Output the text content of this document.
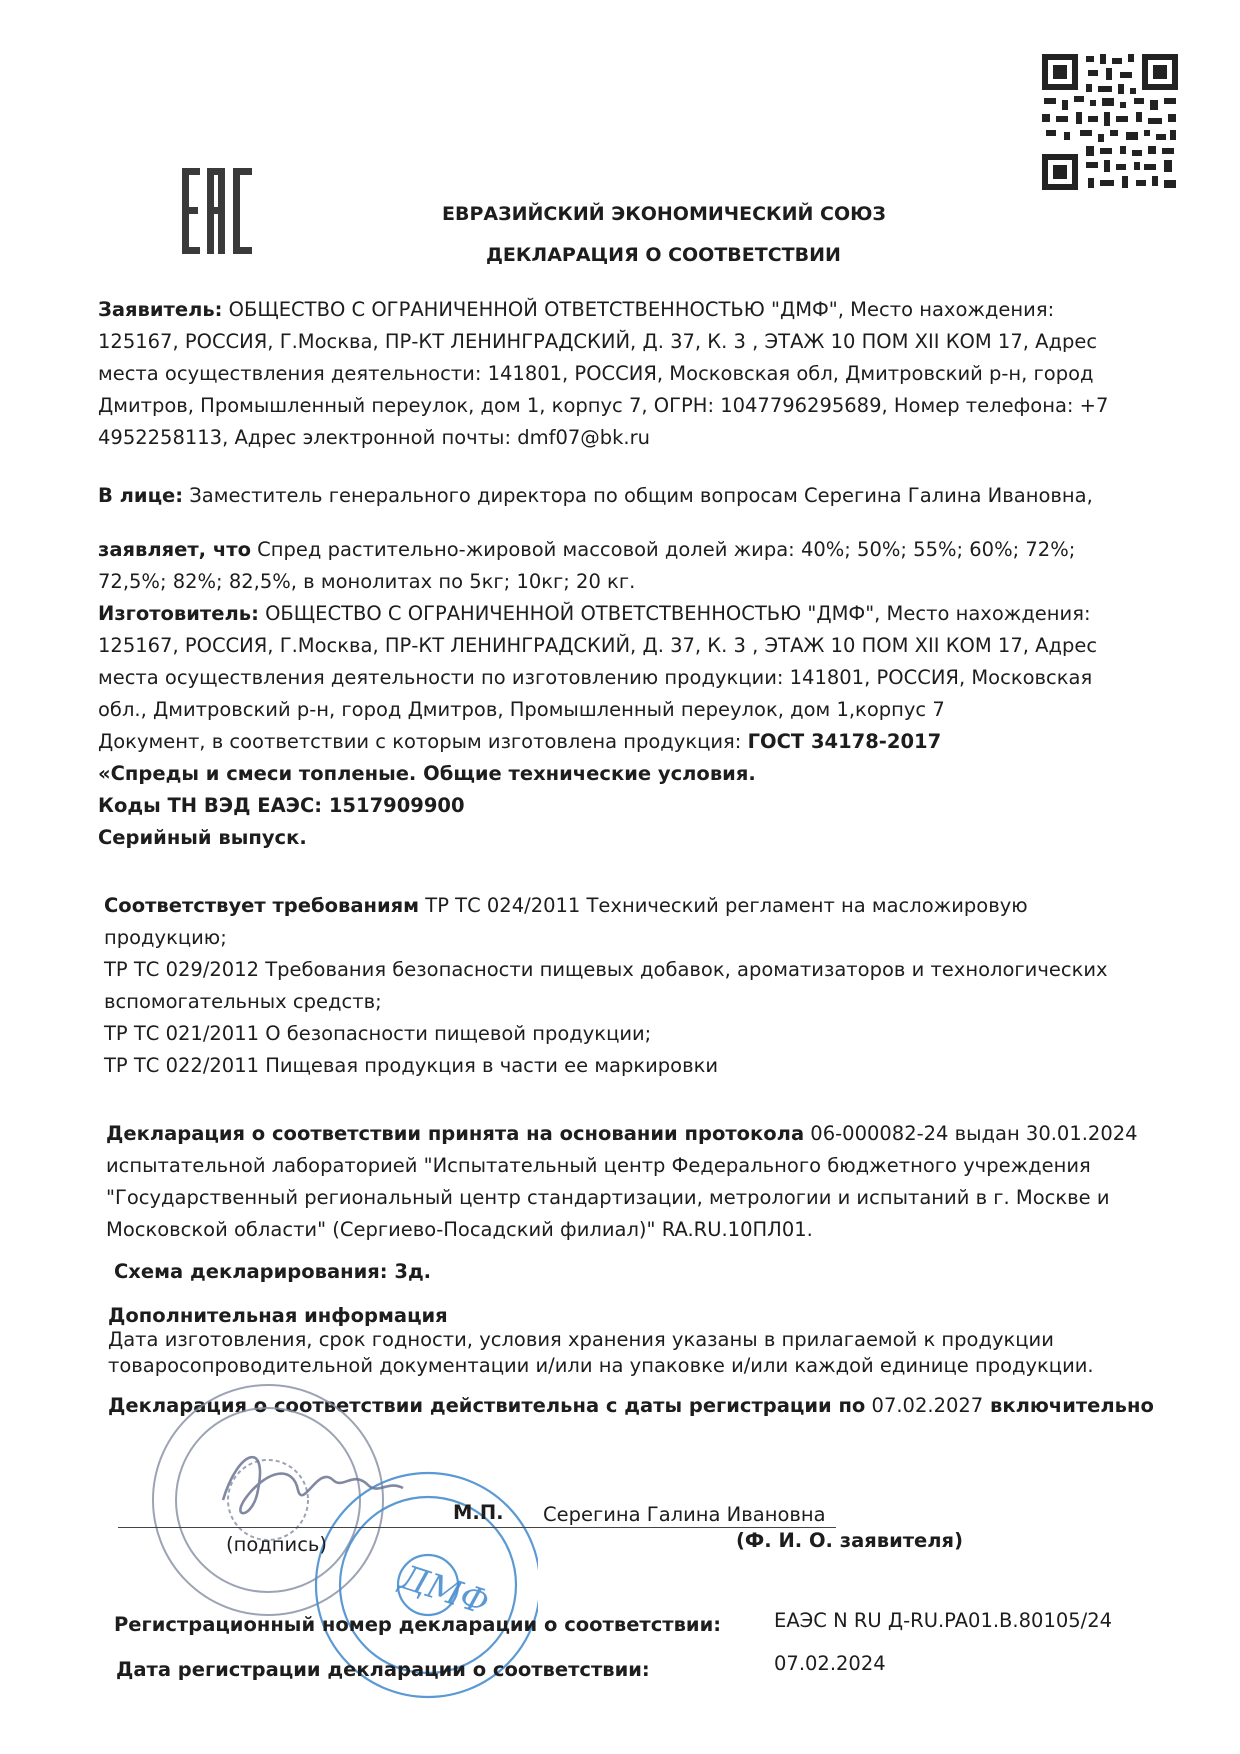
ЕВРАЗИЙСКИЙ ЭКОНОМИЧЕСКИЙ СОЮЗ
ДЕКЛАРАЦИЯ О СООТВЕТСТВИИ
Заявитель: ОБЩЕСТВО С ОГРАНИЧЕННОЙ ОТВЕТСТВЕННОСТЬЮ "ДМФ", Место нахождения:
125167, РОССИЯ, Г.Москва, ПР-КТ ЛЕНИНГРАДСКИЙ, Д. 37, К. 3 , ЭТАЖ 10 ПОМ XII КОМ 17, Адрес
места осуществления деятельности: 141801, РОССИЯ, Московская обл, Дмитровский р-н, город
Дмитров, Промышленный переулок, дом 1, корпус 7, ОГРН: 1047796295689, Номер телефона: +7
4952258113, Адрес электронной почты: dmf07@bk.ru
В лице: Заместитель генерального директора по общим вопросам Серегина Галина Ивановна,
заявляет, что Спред растительно-жировой массовой долей жира: 40%; 50%; 55%; 60%; 72%;
72,5%; 82%; 82,5%, в монолитах по 5кг; 10кг; 20 кг.
Изготовитель: ОБЩЕСТВО С ОГРАНИЧЕННОЙ ОТВЕТСТВЕННОСТЬЮ "ДМФ", Место нахождения:
125167, РОССИЯ, Г.Москва, ПР-КТ ЛЕНИНГРАДСКИЙ, Д. 37, К. 3 , ЭТАЖ 10 ПОМ XII КОМ 17, Адрес
места осуществления деятельности по изготовлению продукции: 141801, РОССИЯ, Московская
обл., Дмитровский р-н, город Дмитров, Промышленный переулок, дом 1,корпус 7
Документ, в соответствии с которым изготовлена продукция: ГОСТ 34178-2017
«Спреды и смеси топленые. Общие технические условия.
Коды ТН ВЭД ЕАЭС: 1517909900
Серийный выпуск.
Соответствует требованиям ТР ТС 024/2011 Технический регламент на масложировую
продукцию;
ТР ТС 029/2012 Требования безопасности пищевых добавок, ароматизаторов и технологических
вспомогательных средств;
ТР ТС 021/2011 О безопасности пищевой продукции;
ТР ТС 022/2011 Пищевая продукция в части ее маркировки
Декларация о соответствии принята на основании протокола 06-000082-24 выдан 30.01.2024
испытательной лабораторией "Испытательный центр Федерального бюджетного учреждения
"Государственный региональный центр стандартизации, метрологии и испытаний в г. Москве и
Московской области" (Сергиево-Посадский филиал)" RA.RU.10ПЛ01.
Схема декларирования: 3д.
Дополнительная информация
Дата изготовления, срок годности, условия хранения указаны в прилагаемой к продукции
товаросопроводительной документации и/или на упаковке и/или каждой единице продукции.
Декларация о соответствии действительна с даты регистрации по 07.02.2027 включительно
ДМФ
М.П. Серегина Галина Ивановна
(подпись)	(Ф. И. О. заявителя)
Регистрационный номер декларации о соответствии:	ЕАЭС N RU Д-RU.PA01.B.80105/24
Дата регистрации декларации о соответствии:	07.02.2024
